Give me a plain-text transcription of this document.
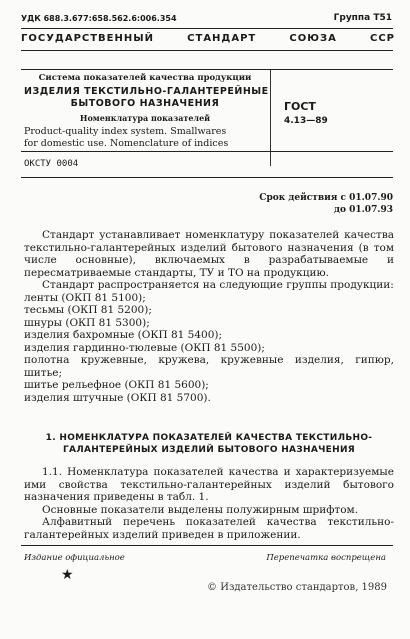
УДК 688.3.677:658.562.6:006.354	Группа Т51
ГОСУДАРСТВЕННЫЙ СТАНДАРТ СОЮЗА ССР
Система показателей качества продукции
ИЗДЕЛИЯ ТЕКСТИЛЬНО-ГАЛАНТЕРЕЙНЫЕ
БЫТОВОГО НАЗНАЧЕНИЯ
Номенклатура показателей
Product-quality index system. Smallwares
for domestic use. Nomenclature of indices
ГОСТ
4.13—89
ОКСТУ 0004
Срок действия с 01.07.90
до 01.07.93

Стандарт устанавливает номенклатуру показателей качества текстильно-галантерейных изделий бытового назначения (в том числе основные), включаемых в разрабатываемые и пересматриваемые стандарты, ТУ и ТО на продукцию.

Стандарт распространяется на следующие группы продукции:

ленты (ОКП 81 5100);

тесьмы (ОКП 81 5200);

шнуры (ОКП 81 5300);

изделия бахромные (ОКП 81 5400);

изделия гардинно-тюлевые (ОКП 81 5500);

полотна кружевные, кружева, кружевные изделия, гипюр, шитье;

шитье рельефное (ОКП 81 5600);

изделия штучные (ОКП 81 5700).

1. НОМЕНКЛАТУРА ПОКАЗАТЕЛЕЙ КАЧЕСТВА ТЕКСТИЛЬНО-
ГАЛАНТЕРЕЙНЫХ ИЗДЕЛИЙ БЫТОВОГО НАЗНАЧЕНИЯ

1.1. Номенклатура показателей качества и характеризуемые ими свойства текстильно-галантерейных изделий бытового назначения приведены в табл. 1.

Основные показатели выделены полужирным шрифтом.

Алфавитный перечень показателей качества текстильно-галантерейных изделий приведен в приложении.

Издание официальное	Перепечатка воспрещена
★
© Издательство стандартов, 1989
